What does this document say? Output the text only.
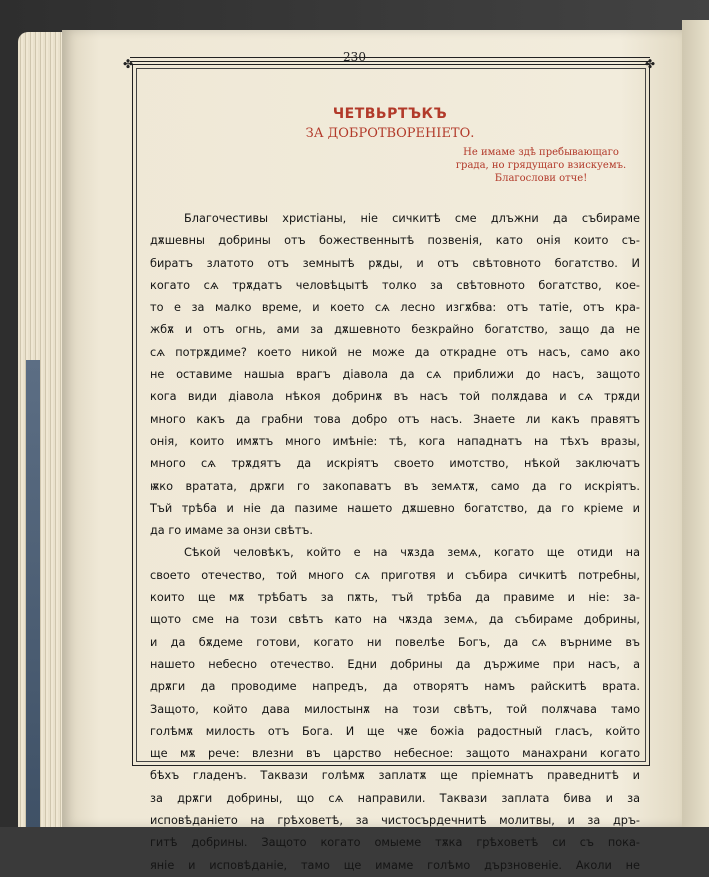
230
✤	✤
ЧЕТВЬРТЪКЪ
ЗА ДОБРОТВОРЕНІЕТО.
Не имаме здѣ пребывающаго
града, но грядущаго взискуемъ.
Благослови отче!
Благочестивы христіаны, ніе сичкитѣ сме длъжни да събираме
дѫшевны добрины отъ божественнытѣ позвенія, като онія които съ-
биратъ златото отъ земнытѣ рѫды, и отъ свѣтовното богатство. И
когато сѧ трѫдатъ человѣцытѣ толко за свѣтовното богатство, кое-
то е за малко време, и което сѧ лесно изгѫбва: отъ татіе, отъ кра-
жбѫ и отъ огнь, ами за дѫшевното безкрайно богатство, защо да не
сѧ потрѫдиме? което никой не може да открадне отъ насъ, само ако
не оставиме нашыа врагъ діавола да сѧ приближи до насъ, защото
кога види діавола нѣкоя добринѫ въ насъ той полѫдава и сѧ трѫди
много какъ да грабни това добро отъ насъ. Знаете ли какъ правятъ
онія, които имѫтъ много имѣніе: тѣ, кога нападнатъ на тѣхъ вразы,
много сѧ трѫдятъ да искріятъ своето имотство, нѣкой заключатъ
ѭко вратата, дрѫги го закопаватъ въ земѧтѫ, само да го искріятъ.
Тъй трѣба и ніе да пазиме нашето дѫшевно богатство, да го кріеме и
да го имаме за онзи свѣтъ.
Сѣкой человѣкъ, който е на чѫзда земѧ, когато ще отиди на
своето отечество, той много сѧ приготвя и събира сичкитѣ потребны,
които ще мѫ трѣбатъ за пѫть, тъй трѣба да правиме и ніе: за-
щото сме на този свѣтъ като на чѫзда земѧ, да събираме добрины,
и да бѫдеме готови, когато ни повелѣе Богъ, да сѧ върниме въ
нашето небесно отечество. Едни добрины да държиме при насъ, а
дрѫги да проводиме напредъ, да отворятъ намъ райскитѣ врата.
Защото, който дава милостынѫ на този свѣтъ, той полѫчава тамо
голѣмѫ милость отъ Бога. И ще чѫе божіа радостный гласъ, който
ще мѫ рече: влезни въ царство небесное: защото манахрани когато
бѣхъ гладенъ. Таквази голѣмѫ заплатѫ ще пріемнатъ праведнитѣ и
за дрѫги добрины, що сѧ направили. Таквази заплата бива и за
исповѣданіето на грѣховетѣ, за чистосърдечнитѣ молитвы, и за дръ-
гитѣ добрины. Защото когато омыеме тѫка грѣховетѣ си съ пока-
яніе и исповѣданіе, тамо ще имаме голѣмо дързновеніе. Аколи не
